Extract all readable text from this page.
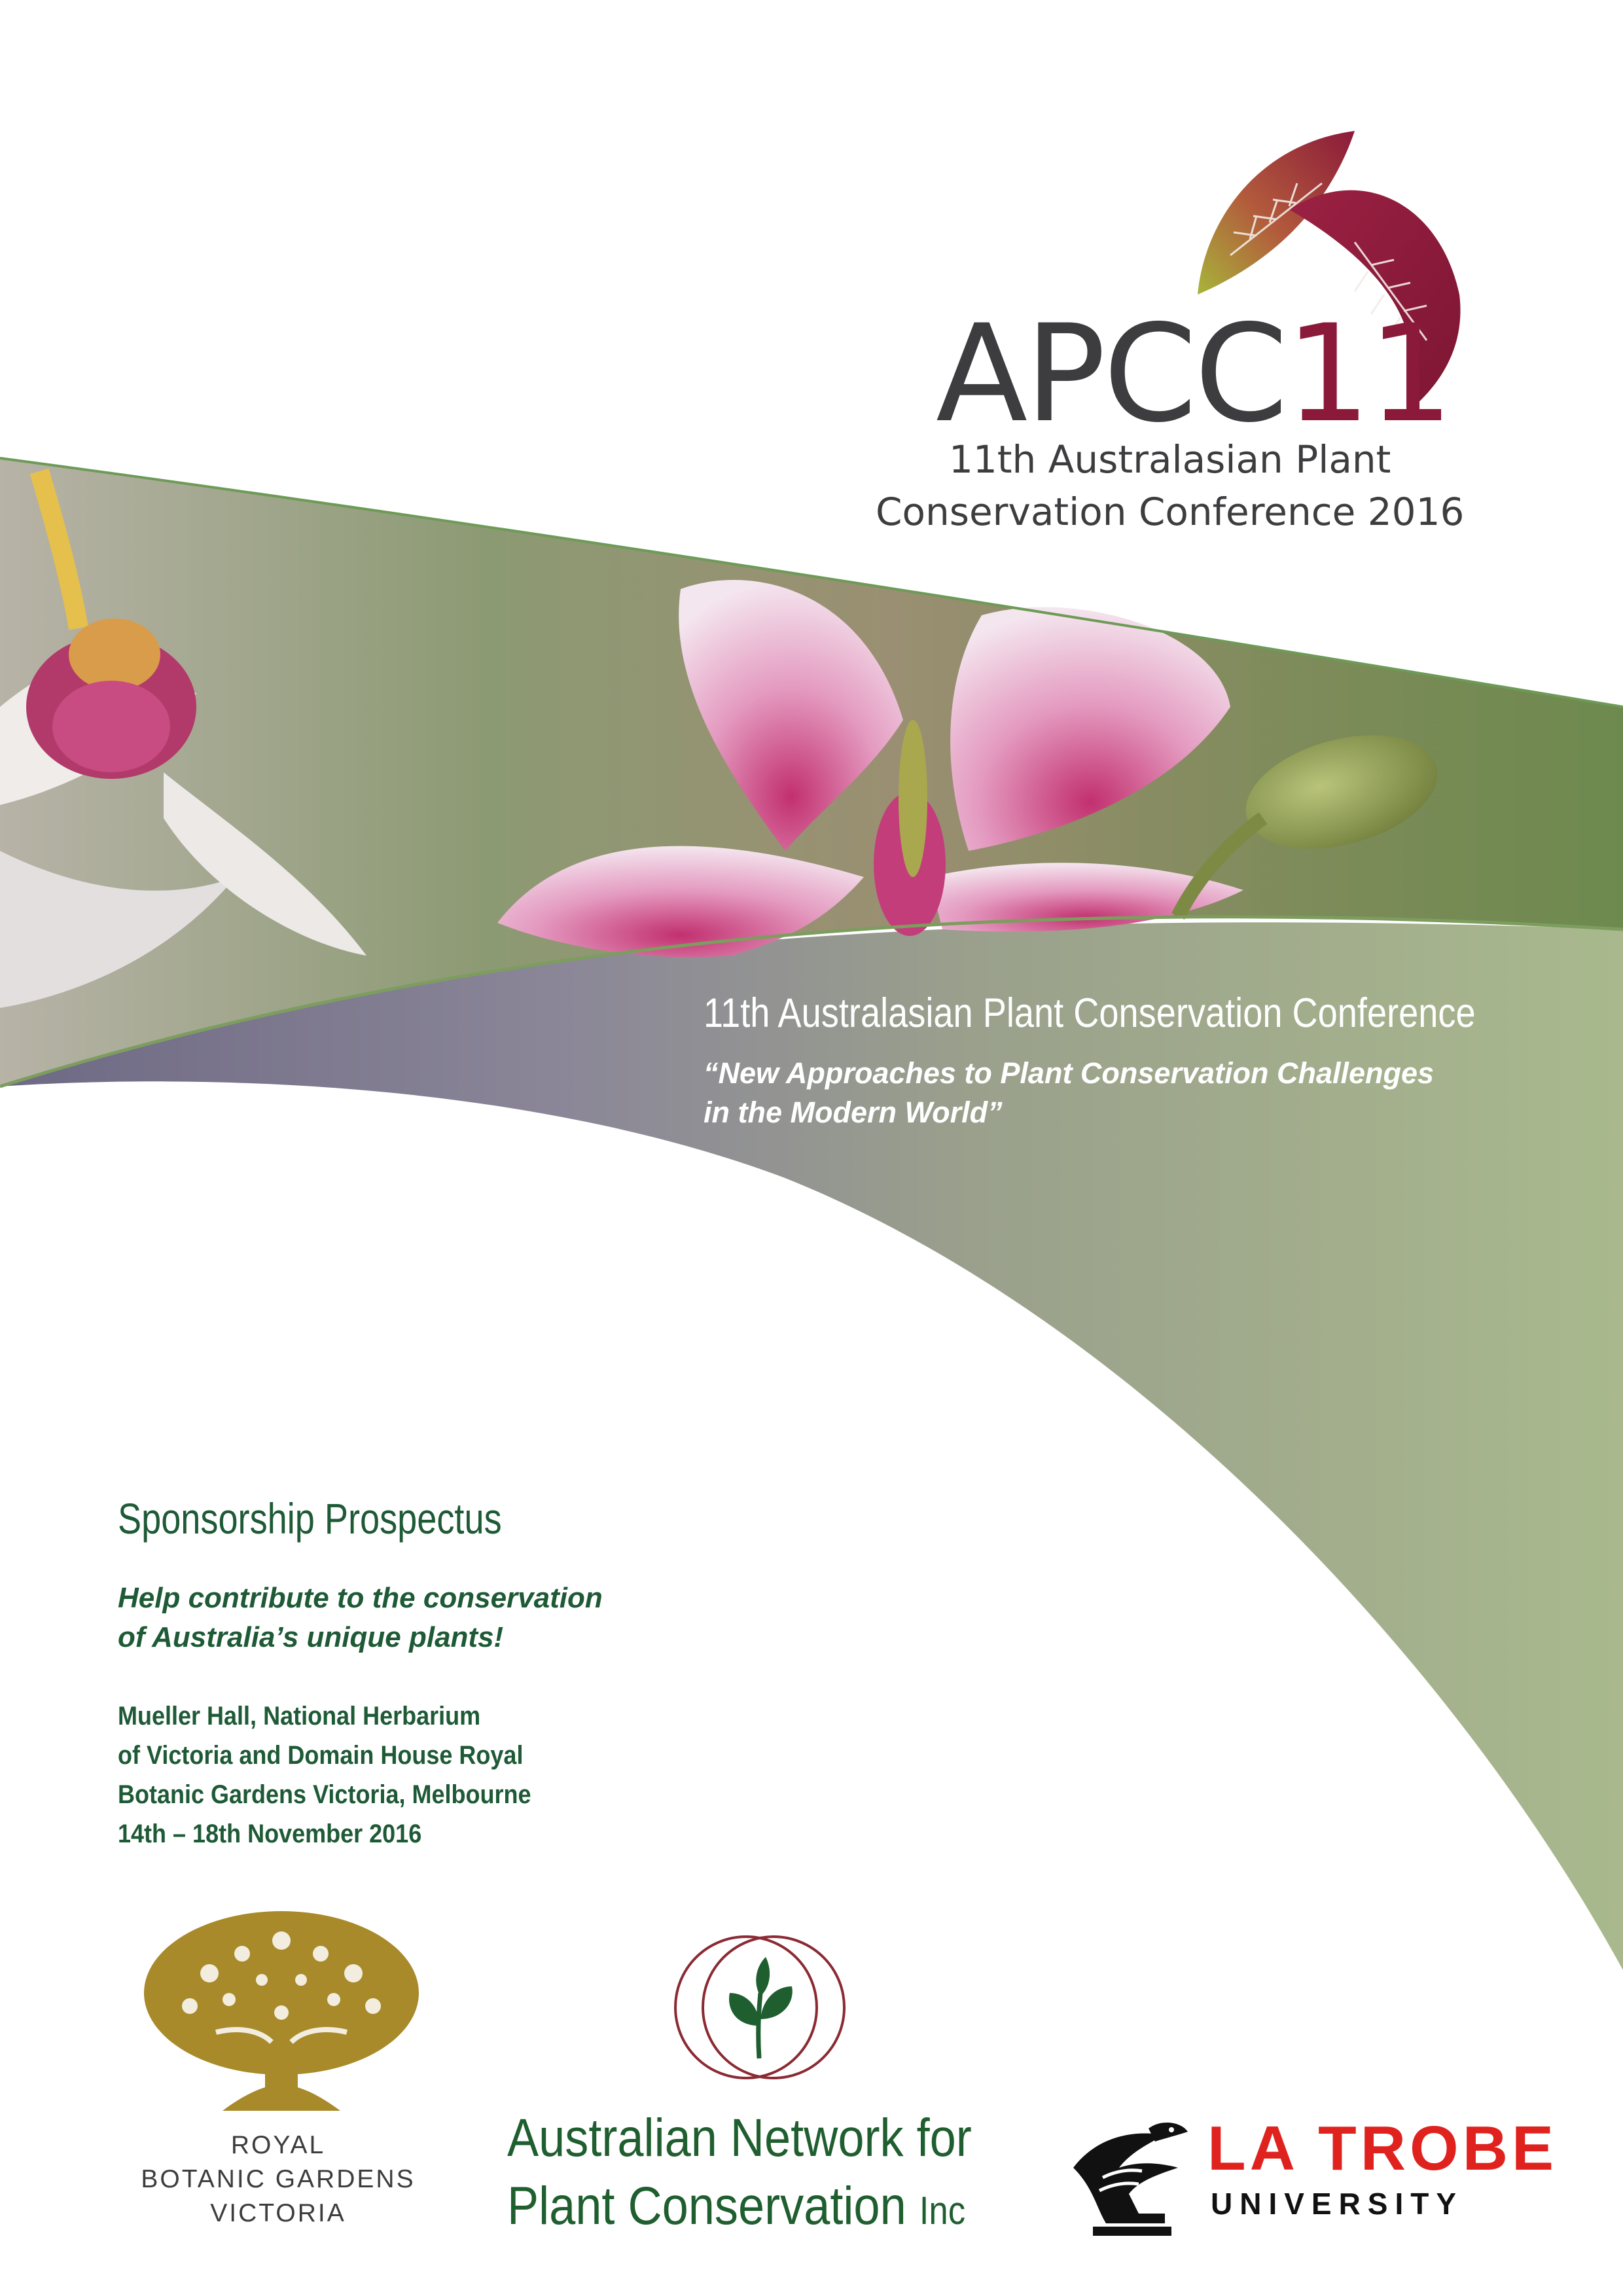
APCC11
11th Australasian Plant
Conservation Conference 2016
11th Australasian Plant Conservation Conference
“New Approaches to Plant Conservation Challenges
in the Modern World”
Sponsorship Prospectus
Help contribute to the conservation
of Australia’s unique plants!
Mueller Hall, National Herbarium
of Victoria and Domain House Royal
Botanic Gardens Victoria, Melbourne
14th – 18th November 2016
ROYAL
BOTANIC GARDENS
VICTORIA
Australian Network for
Plant Conservation Inc
LA TROBE
UNIVERSITY
